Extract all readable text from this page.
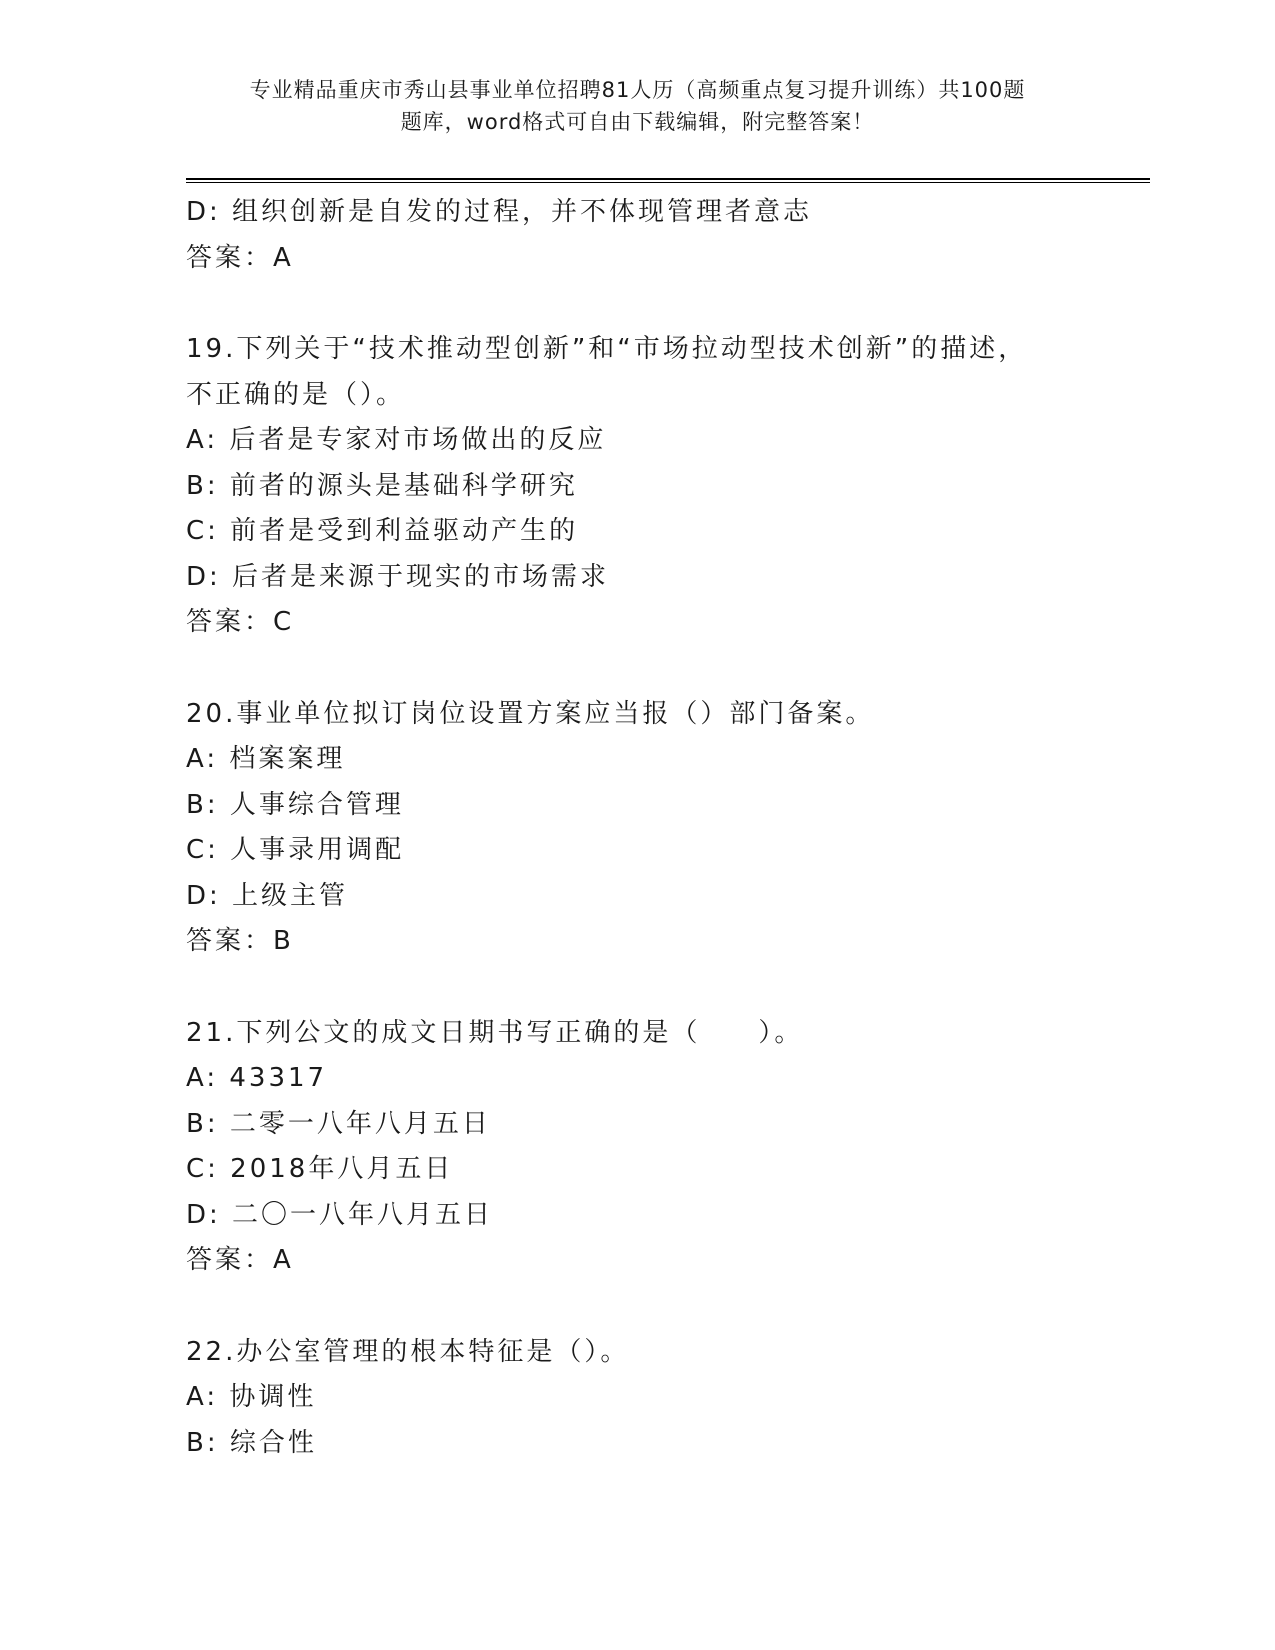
专业精品重庆市秀山县事业单位招聘81人历（高频重点复习提升训练）共100题

题库，word格式可自由下载编辑，附完整答案！
D: 组织创新是自发的过程，并不体现管理者意志
答案：A
19.下列关于“技术推动型创新”和“市场拉动型技术创新”的描述，
不正确的是（）。
A: 后者是专家对市场做出的反应
B: 前者的源头是基础科学研究
C: 前者是受到利益驱动产生的
D: 后者是来源于现实的市场需求
答案：C
20.事业单位拟订岗位设置方案应当报（）部门备案。
A: 档案案理
B: 人事综合管理
C: 人事录用调配
D: 上级主管
答案：B
21.下列公文的成文日期书写正确的是（　　）。
A: 43317
B: 二零一八年八月五日
C: 2018年八月五日
D: 二〇一八年八月五日
答案：A
22.办公室管理的根本特征是（）。
A: 协调性
B: 综合性
